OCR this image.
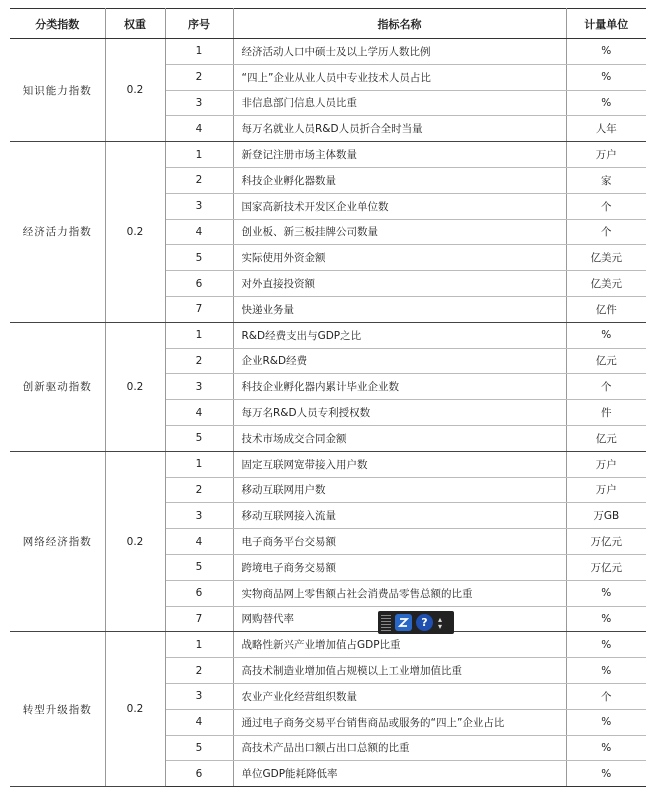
分类指数	权重	序号	指标名称	计量单位
知识能力指数	0.2	1	经济活动人口中硕士及以上学历人数比例	%
		2	“四上”企业从业人员中专业技术人员占比	%
		3	非信息部门信息人员比重	%
		4	每万名就业人员R&D人员折合全时当量	人年
经济活力指数	0.2	1	新登记注册市场主体数量	万户
		2	科技企业孵化器数量	家
		3	国家高新技术开发区企业单位数	个
		4	创业板、新三板挂牌公司数量	个
		5	实际使用外资金额	亿美元
		6	对外直接投资额	亿美元
		7	快递业务量	亿件
创新驱动指数	0.2	1	R&D经费支出与GDP之比	%
		2	企业R&D经费	亿元
		3	科技企业孵化器内累计毕业企业数	个
		4	每万名R&D人员专利授权数	件
		5	技术市场成交合同金额	亿元
网络经济指数	0.2	1	固定互联网宽带接入用户数	万户
		2	移动互联网用户数	万户
		3	移动互联网接入流量	万GB
		4	电子商务平台交易额	万亿元
		5	跨境电子商务交易额	万亿元
		6	实物商品网上零售额占社会消费品零售总额的比重	%
		7	网购替代率	%
转型升级指数	0.2	1	战略性新兴产业增加值占GDP比重	%
		2	高技术制造业增加值占规模以上工业增加值比重	%
		3	农业产业化经营组织数量	个
		4	通过电子商务交易平台销售商品或服务的“四上”企业占比	%
		5	高技术产品出口额占出口总额的比重	%
		6	单位GDP能耗降低率	%
? ▴
▾
